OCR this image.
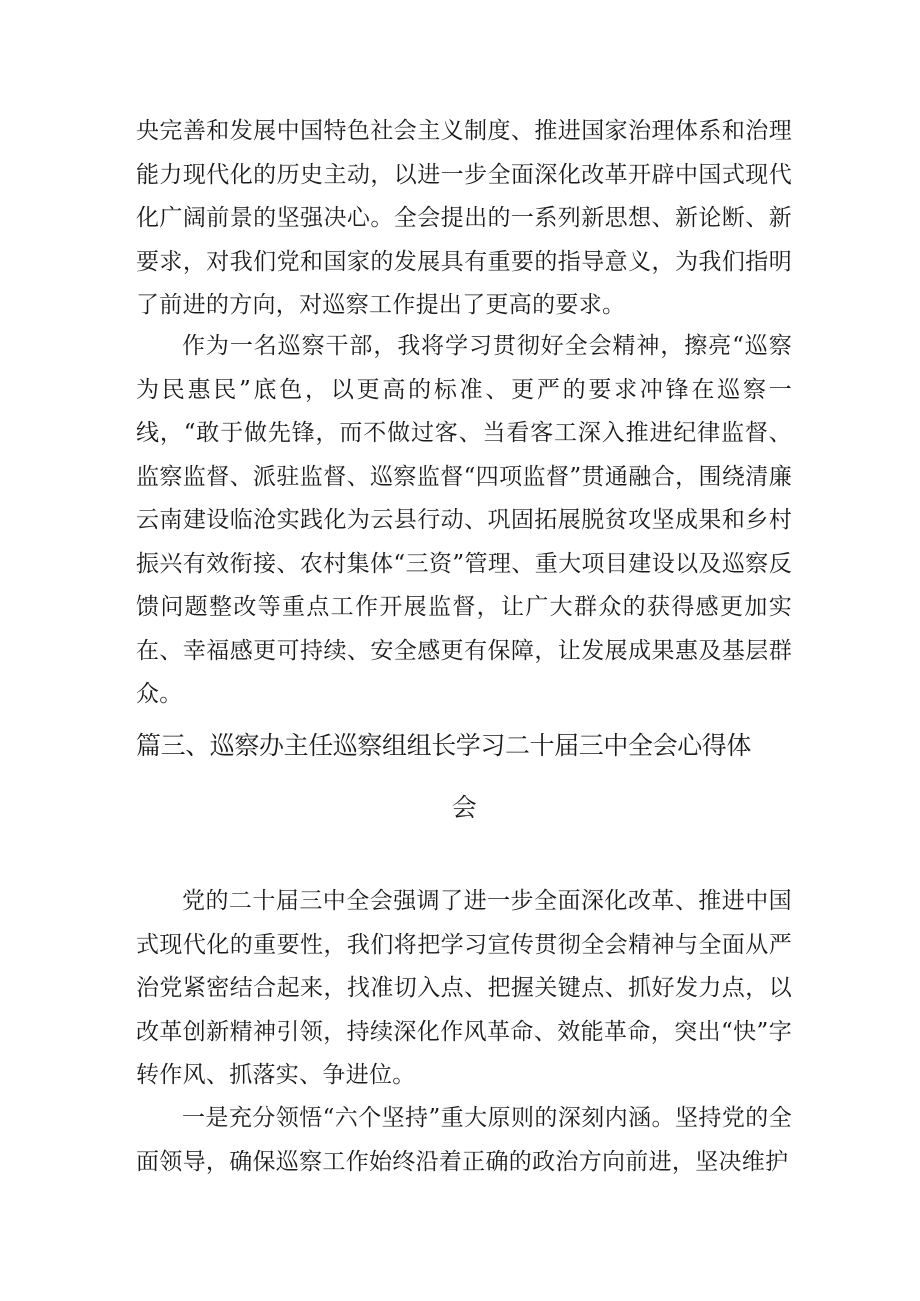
央完善和发展中国特色社会主义制度、推进国家治理体系和治理能力现代化的历史主动，以进一步全面深化改革开辟中国式现代化广阔前景的坚强决心。全会提出的一系列新思想、新论断、新要求，对我们党和国家的发展具有重要的指导意义，为我们指明了前进的方向，对巡察工作提出了更高的要求。

作为一名巡察干部，我将学习贯彻好全会精神，擦亮“巡察为民惠民”底色，以更高的标准、更严的要求冲锋在巡察一线，“敢于做先锋，而不做过客、当看客工深入推进纪律监督、监察监督、派驻监督、巡察监督“四项监督”贯通融合，围绕清廉云南建设临沧实践化为云县行动、巩固拓展脱贫攻坚成果和乡村振兴有效衔接、农村集体“三资”管理、重大项目建设以及巡察反馈问题整改等重点工作开展监督，让广大群众的获得感更加实在、幸福感更可持续、安全感更有保障，让发展成果惠及基层群众。

篇三、巡察办主任巡察组组长学习二十届三中全会心得体
会

党的二十届三中全会强调了进一步全面深化改革、推进中国式现代化的重要性，我们将把学习宣传贯彻全会精神与全面从严治党紧密结合起来，找准切入点、把握关键点、抓好发力点，以改革创新精神引领，持续深化作风革命、效能革命，突出“快”字转作风、抓落实、争进位。

一是充分领悟“六个坚持”重大原则的深刻内涵。坚持党的全面领导，确保巡察工作始终沿着正确的政治方向前进，坚决维护
